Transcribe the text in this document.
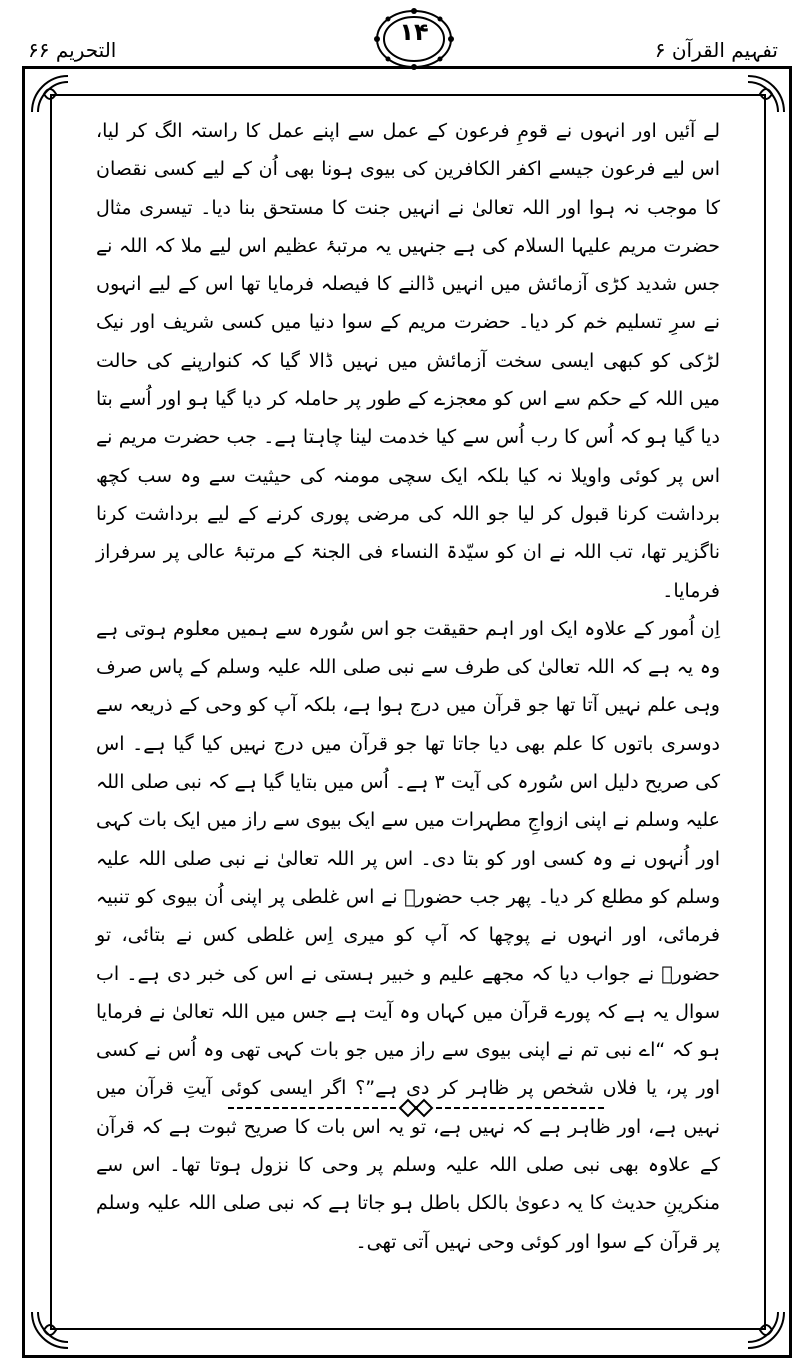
التحریم ۶۶	تفہیم القرآن ۶
۱۴

لے آئیں اور انہوں نے قومِ فرعون کے عمل سے اپنے عمل کا راستہ الگ کر لیا، اس لیے فرعون جیسے اکفر الکافرین کی بیوی ہونا بھی اُن کے لیے کسی نقصان کا موجب نہ ہوا اور اللہ تعالیٰ نے انہیں جنت کا مستحق بنا دیا۔ تیسری مثال حضرت مریم علیہا السلام کی ہے جنہیں یہ مرتبۂ عظیم اس لیے ملا کہ اللہ نے جس شدید کڑی آزمائش میں انہیں ڈالنے کا فیصلہ فرمایا تھا اس کے لیے انہوں نے سرِ تسلیم خم کر دیا۔ حضرت مریم کے سوا دنیا میں کسی شریف اور نیک لڑکی کو کبھی ایسی سخت آزمائش میں نہیں ڈالا گیا کہ کنوارپنے کی حالت میں اللہ کے حکم سے اس کو معجزے کے طور پر حاملہ کر دیا گیا ہو اور اُسے بتا دیا گیا ہو کہ اُس کا رب اُس سے کیا خدمت لینا چاہتا ہے۔ جب حضرت مریم نے اس پر کوئی واویلا نہ کیا بلکہ ایک سچی مومنہ کی حیثیت سے وہ سب کچھ برداشت کرنا قبول کر لیا جو اللہ کی مرضی پوری کرنے کے لیے برداشت کرنا ناگزیر تھا، تب اللہ نے ان کو سیّدۃ النساء فی الجنۃ کے مرتبۂ عالی پر سرفراز فرمایا۔

اِن اُمور کے علاوہ ایک اور اہم حقیقت جو اس سُورہ سے ہمیں معلوم ہوتی ہے وہ یہ ہے کہ اللہ تعالیٰ کی طرف سے نبی صلی اللہ علیہ وسلم کے پاس صرف وہی علم نہیں آتا تھا جو قرآن میں درج ہوا ہے، بلکہ آپ کو وحی کے ذریعہ سے دوسری باتوں کا علم بھی دیا جاتا تھا جو قرآن میں درج نہیں کیا گیا ہے۔ اس کی صریح دلیل اس سُورہ کی آیت ۳ ہے۔ اُس میں بتایا گیا ہے کہ نبی صلی اللہ علیہ وسلم نے اپنی ازواجِ مطہرات میں سے ایک بیوی سے راز میں ایک بات کہی اور اُنہوں نے وہ کسی اور کو بتا دی۔ اس پر اللہ تعالیٰ نے نبی صلی اللہ علیہ وسلم کو مطلع کر دیا۔ پھر جب حضورؐ نے اس غلطی پر اپنی اُن بیوی کو تنبیہ فرمائی، اور انہوں نے پوچھا کہ آپ کو میری اِس غلطی کس نے بتائی، تو حضورؐ نے جواب دیا کہ مجھے علیم و خبیر ہستی نے اس کی خبر دی ہے۔ اب سوال یہ ہے کہ پورے قرآن میں کہاں وہ آیت ہے جس میں اللہ تعالیٰ نے فرمایا ہو کہ “اے نبی تم نے اپنی بیوی سے راز میں جو بات کہی تھی وہ اُس نے کسی اور پر، یا فلاں شخص پر ظاہر کر دی ہے”؟ اگر ایسی کوئی آیتِ قرآن میں نہیں ہے، اور ظاہر ہے کہ نہیں ہے، تو یہ اس بات کا صریح ثبوت ہے کہ قرآن کے علاوہ بھی نبی صلی اللہ علیہ وسلم پر وحی کا نزول ہوتا تھا۔ اس سے منکرینِ حدیث کا یہ دعویٰ بالکل باطل ہو جاتا ہے کہ نبی صلی اللہ علیہ وسلم پر قرآن کے سوا اور کوئی وحی نہیں آتی تھی۔
